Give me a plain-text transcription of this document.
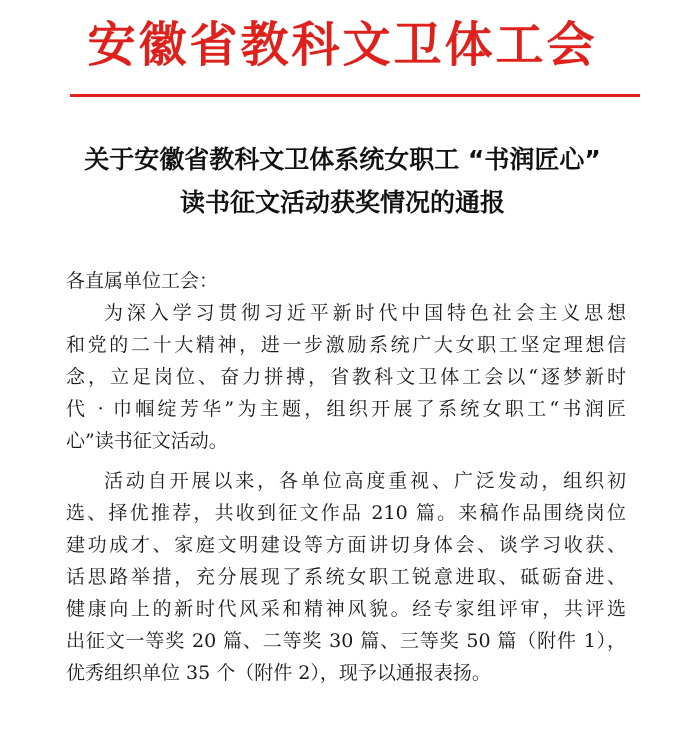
安徽省教科文卫体工会
关于安徽省教科文卫体系统女职工 “书润匠心”
读书征文活动获奖情况的通报
各直属单位工会：
为深入学习贯彻习近平新时代中国特色社会主义思想
和党的二十大精神，进一步激励系统广大女职工坚定理想信
念，立足岗位、奋力拼搏，省教科文卫体工会以“逐梦新时
代 · 巾帼绽芳华”为主题，组织开展了系统女职工“书润匠
心”读书征文活动。
活动自开展以来，各单位高度重视、广泛发动，组织初
选、择优推荐，共收到征文作品 210 篇。来稿作品围绕岗位
建功成才、家庭文明建设等方面讲切身体会、谈学习收获、
话思路举措，充分展现了系统女职工锐意进取、砥砺奋进、
健康向上的新时代风采和精神风貌。经专家组评审，共评选
出征文一等奖 20 篇、二等奖 30 篇、三等奖 50 篇（附件 1），
优秀组织单位 35 个（附件 2），现予以通报表扬。
